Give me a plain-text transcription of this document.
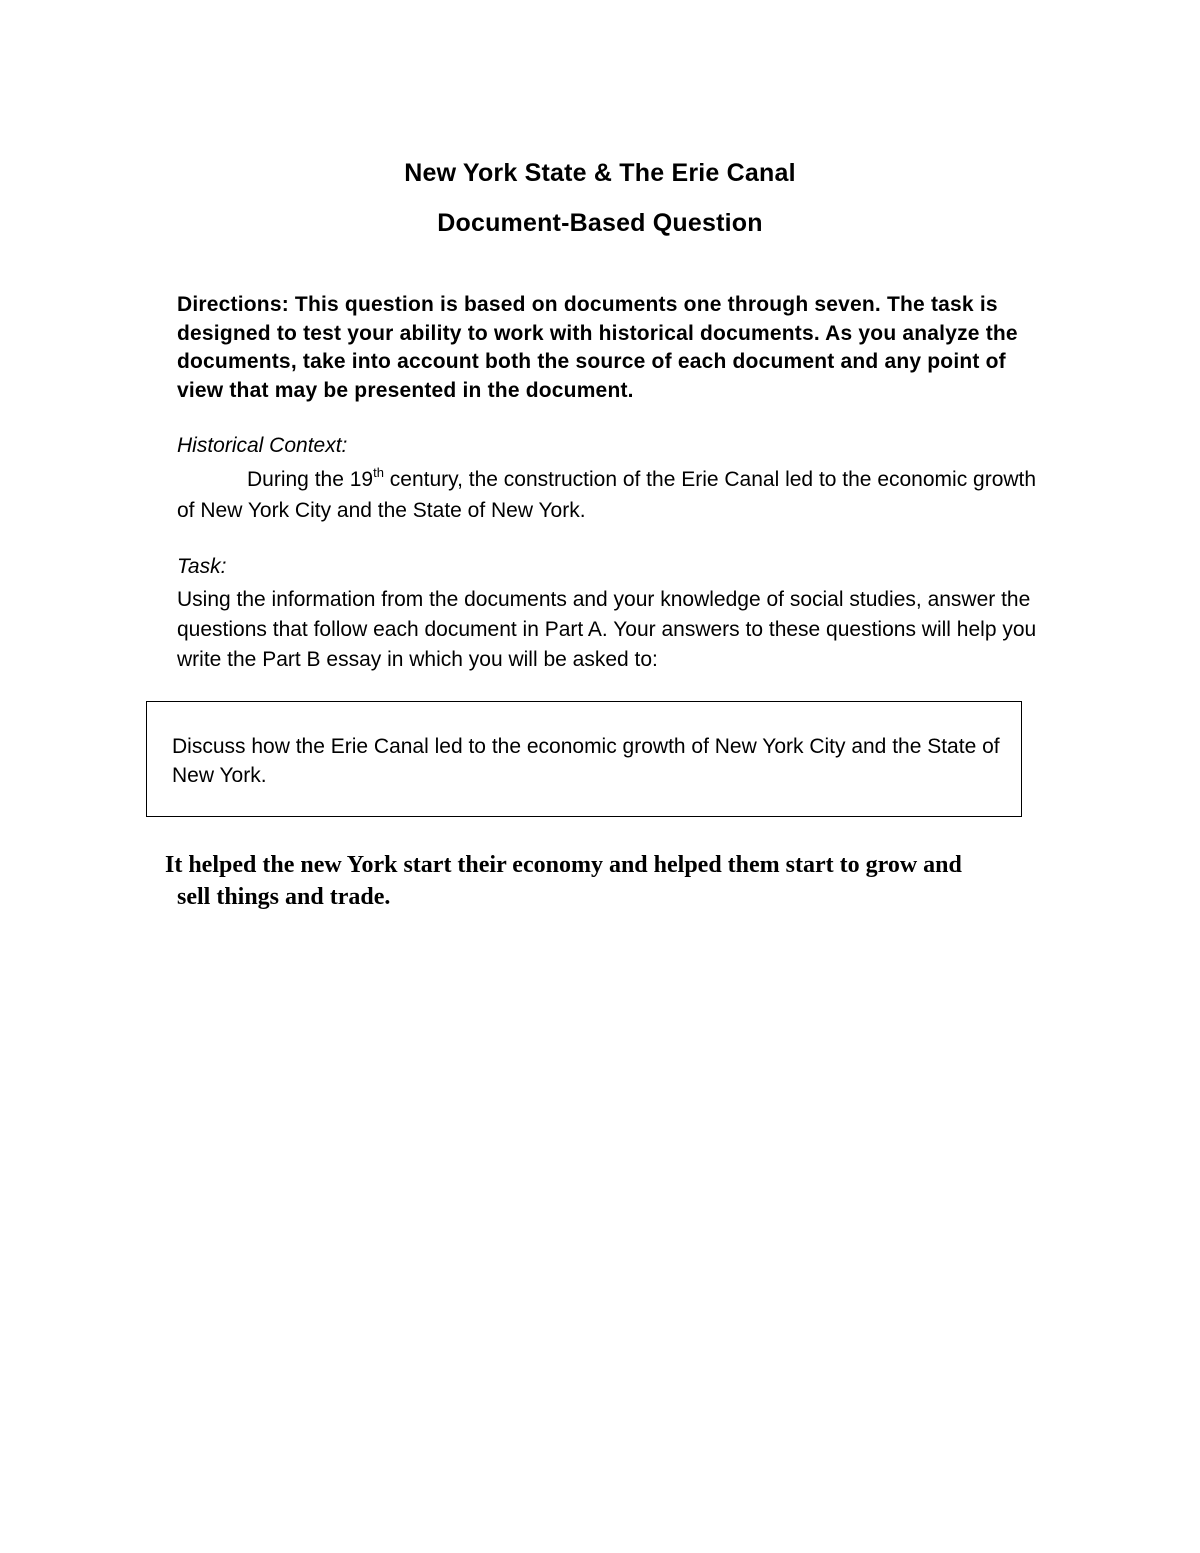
New York State & The Erie Canal
Document-Based Question
Directions: This question is based on documents one through seven. The task is designed to test your ability to work with historical documents. As you analyze the documents, take into account both the source of each document and any point of view that may be presented in the document.
Historical Context:
During the 19th century, the construction of the Erie Canal led to the economic growth of New York City and the State of New York.
Task:
Using the information from the documents and your knowledge of social studies, answer the questions that follow each document in Part A. Your answers to these questions will help you write the Part B essay in which you will be asked to:
Discuss how the Erie Canal led to the economic growth of New York City and the State of New York.
It helped the new York start their economy and helped them start to grow and
sell things and trade.
